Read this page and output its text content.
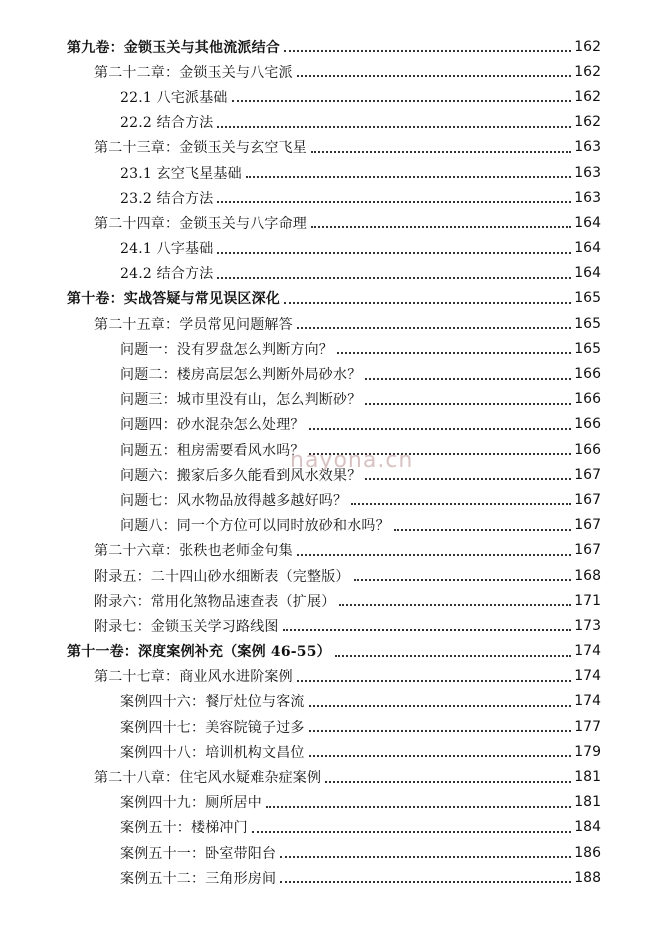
第九卷：金锁玉关与其他流派结合	162
第二十二章：金锁玉关与八宅派	162
22.1 八宅派基础	162
22.2 结合方法	162
第二十三章：金锁玉关与玄空飞星	163
23.1 玄空飞星基础	163
23.2 结合方法	163
第二十四章：金锁玉关与八字命理	164
24.1 八字基础	164
24.2 结合方法	164
第十卷：实战答疑与常见误区深化	165
第二十五章：学员常见问题解答	165
问题一：没有罗盘怎么判断方向？	165
问题二：楼房高层怎么判断外局砂水？	166
问题三：城市里没有山，怎么判断砂？	166
问题四：砂水混杂怎么处理？	166
问题五：租房需要看风水吗？	166
问题六：搬家后多久能看到风水效果？	167
问题七：风水物品放得越多越好吗？	167
问题八：同一个方位可以同时放砂和水吗？	167
第二十六章：张秩也老师金句集	167
附录五：二十四山砂水细断表（完整版）	168
附录六：常用化煞物品速查表（扩展）	171
附录七：金锁玉关学习路线图	173
第十一卷：深度案例补充（案例 46-55）	174
第二十七章：商业风水进阶案例	174
案例四十六：餐厅灶位与客流	174
案例四十七：美容院镜子过多	177
案例四十八：培训机构文昌位	179
第二十八章：住宅风水疑难杂症案例	181
案例四十九：厕所居中	181
案例五十：楼梯冲门	184
案例五十一：卧室带阳台	186
案例五十二：三角形房间	188
nayona.cn
